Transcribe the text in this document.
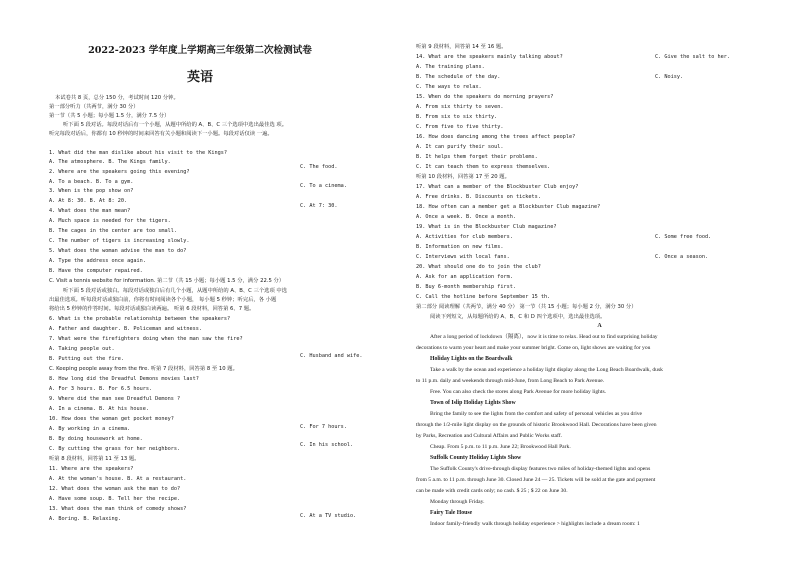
2022-2023 学年度上学期高三年级第二次检测试卷
英语
本试卷共 8 页，总分 150 分，考试时间 120 分钟。
第一部分听力（共两节，满分 30 分）
第一节（共 5 小题；每小题 1.5 分，满分 7.5 分）
听下面 5 段对话。每段对话后有一个小题，从题中所给的 A、B、C 三个选项中选出最佳选 项。
听完每段对话后，你都有 10 秒钟的时间来回答有关小题和阅读下一小题。每段对话仅读 一遍。
1. What did the man dislike about his visit to the Kings?
A. The atmosphere. B. The Kings family.
2. Where are the speakers going this evening?
A. To a beach. B. To a gym.
3. When is the pop show on?
A. At 8: 30. B. At 8: 20.
4. What does the man mean?
A. Much space is needed for the tigers.
B. The cages in the center are too small.
C. The number of tigers is increasing slowly.
5. What does the woman advise the man to do?
A. Type the address once again.
B. Have the computer repaired.
C. Visit a tennis website for information. 第二节（共 15 小题；每小题 1.5 分，满分 22.5 分）
听下面 5 段对话或独白。每段对话或独白后有几个小题，从题中所给的 A、B、C 三个选项 中选
出最佳选项。听每段对话或独白前，你将有时间阅读各个小题， 每小题 5 秒钟；听完后，各 小题
将给出 5 秒钟的作答时间。每段对话或独白读两遍。 听第 6 段材料，回答第 6、7 题。
6. What is the probable relationship between the speakers?
A. Father and daughter. B. Policeman and witness.
7. What were the firefighters doing when the man saw the fire?
A. Taking people out.
B. Putting out the fire.
C. Keeping people away from the fire. 听第 7 段材料，回答第 8 至 10 题。
8. How long did the Dreadful Demons movies last?
A. For 3 hours. B. For 6.5 hours.
9. Where did the man see Dreadful Demons ?
A. In a cinema. B. At his house.
10. How does the woman get pocket money?
A. By working in a cinema.
B. By doing housework at home.
C. By cutting the grass for her neighbors.
听第 8 段材料，回答第 11 至 13 题。
11. Where are the speakers?
A. At the woman's house. B. At a restaurant.
12. What does the woman ask the man to do?
A. Have some soup. B. Tell her the recipe.
13. What does the man think of comedy shows?
A. Boring. B. Relaxing.
C. The food.
C. To a cinema.
C. At 7: 30.
C. Husband and wife.
C. For 7 hours.
C. In his school.
C. At a TV studio.
听第 9 段材料，回答第 14 至 16 题。
14. What are the speakers mainly talking about?
A. The training plans.
B. The schedule of the day.
C. The ways to relax.
15. When do the speakers do morning prayers?
A. From six thirty to seven.
B. From six to six thirty.
C. From five to five thirty.
16. How does dancing among the trees affect people?
A. It can purify their soul.
B. It helps them forget their problems.
C. It can teach them to express themselves.
听第 10 段材料，回答第 17 至 20 题。
17. What can a member of the Blockbuster Club enjoy?
A. Free drinks. B. Discounts on tickets.
18. How often can a member get a Blockbuster Club magazine?
A. Once a week. B. Once a month.
19. What is in the Blockbuster Club magazine?
A. Activities for club members.
B. Information on new films.
C. Interviews with local fans.
20. What should one do to join the club?
A. Ask for an application form.
B. Buy 6-month membership first.
C. Call the hotline before September 15 th.
第二部分 阅读理解（共两节，满分 40 分） 第一节（共 15 小题；每小题 2 分，满分 30 分）
阅读下列短文，从每题所给的 A、B、C 和 D 四个选项中，选出最佳选项。
C. Give the salt to her.
C. Noisy.
C. Some free food.
C. Once a season.
A
After a long period of lockdown（隔离），now it is time to relax. Head out to find surprising holiday
decorations to warm your heart and make your summer bright. Come on, light shows are waiting for you
Holiday Lights on the Boardwalk
Take a walk by the ocean and experience a holiday light display along the Long Beach Boardwalk, dusk
to 11 p.m. daily and weekends through mid-June, from Long Beach to Park Avenue.
Free. You can also check the stores along Park Avenue for more holiday lights.
Town of Islip Holiday Lights Show
Bring the family to see the lights from the comfort and safety of personal vehicles as you drive
through the 1/2-mile light display on the grounds of historic Brookwood Hall. Decorations have been given
by Parks, Recreation and Cultural Affairs and Public Works staff.
Cheap. From 5 p.m. to 11 p.m. June 22; Brookwood Hall Park.
Suffolk County Holiday Lights Show
The Suffolk County's drive-through display features two miles of holiday-themed lights and opens
from 5 a.m. to 11 p.m. through June 30. Closed June 24 — 25. Tickets will be sold at the gate and payment
can be made with credit cards only; no cash. $ 25 ; $ 22 on June 30.
Monday through Friday.
Fairy Tale House
Indoor family-friendly walk through holiday experience > highlights include a dream room: 1
